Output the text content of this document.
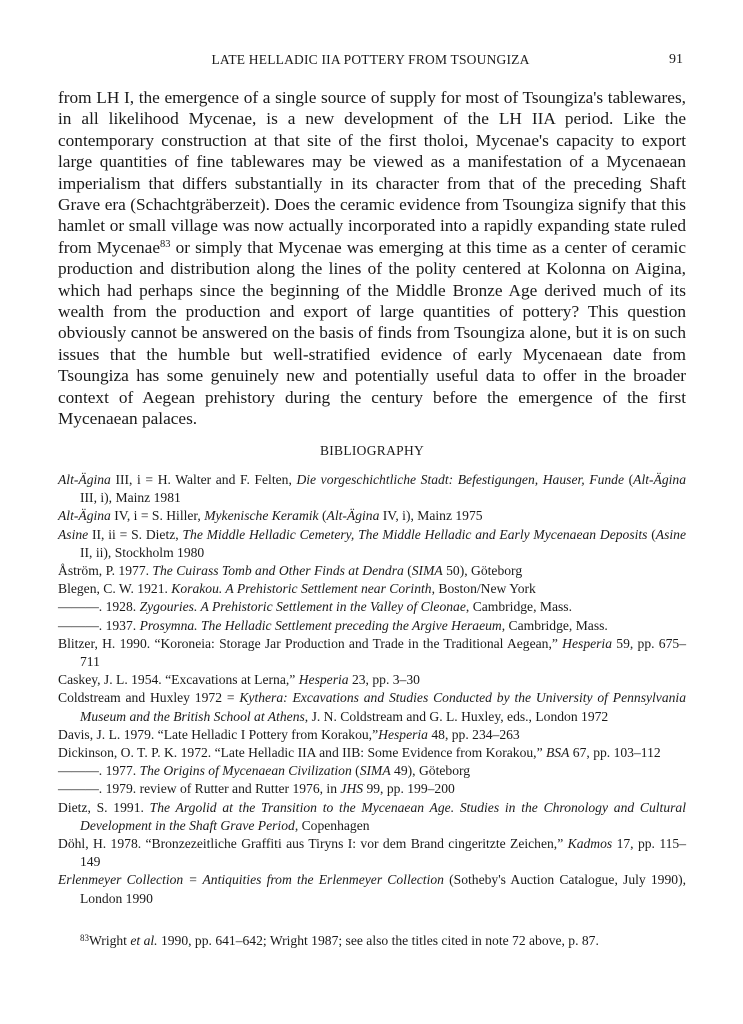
LATE HELLADIC IIA POTTERY FROM TSOUNGIZA	91
from LH I, the emergence of a single source of supply for most of Tsoungiza's tablewares, in all likelihood Mycenae, is a new development of the LH IIA period. Like the contemporary construction at that site of the first tholoi, Mycenae's capacity to export large quantities of fine tablewares may be viewed as a manifestation of a Mycenaean imperialism that differs substantially in its character from that of the preceding Shaft Grave era (Schachtgräberzeit). Does the ceramic evidence from Tsoungiza signify that this hamlet or small village was now actually incorporated into a rapidly expanding state ruled from Mycenae$^{83}$ or simply that Mycenae was emerging at this time as a center of ceramic production and distribution along the lines of the polity centered at Kolonna on Aigina, which had perhaps since the beginning of the Middle Bronze Age derived much of its wealth from the production and export of large quantities of pottery? This question obviously cannot be answered on the basis of finds from Tsoungiza alone, but it is on such issues that the humble but well-stratified evidence of early Mycenaean date from Tsoungiza has some genuinely new and potentially useful data to offer in the broader context of Aegean prehistory during the century before the emergence of the first Mycenaean palaces.
BIBLIOGRAPHY
Alt-Ägina III, i = H. Walter and F. Felten, Die vorgeschichtliche Stadt: Befestigungen, Hauser, Funde (Alt-Ägina III, i), Mainz 1981
Alt-Ägina IV, i = S. Hiller, Mykenische Keramik (Alt-Ägina IV, i), Mainz 1975
Asine II, ii = S. Dietz, The Middle Helladic Cemetery, The Middle Helladic and Early Mycenaean Deposits (Asine II, ii), Stockholm 1980
Åström, P. 1977. The Cuirass Tomb and Other Finds at Dendra (SIMA 50), Göteborg
Blegen, C. W. 1921. Korakou. A Prehistoric Settlement near Corinth, Boston/New York
———. 1928. Zygouries. A Prehistoric Settlement in the Valley of Cleonae, Cambridge, Mass.
———. 1937. Prosymna. The Helladic Settlement preceding the Argive Heraeum, Cambridge, Mass.
Blitzer, H. 1990. “Koroneia: Storage Jar Production and Trade in the Traditional Aegean,” Hesperia 59, pp. 675–711
Caskey, J. L. 1954. “Excavations at Lerna,” Hesperia 23, pp. 3–30
Coldstream and Huxley 1972 = Kythera: Excavations and Studies Conducted by the University of Pennsylvania Museum and the British School at Athens, J. N. Coldstream and G. L. Huxley, eds., London 1972
Davis, J. L. 1979. “Late Helladic I Pottery from Korakou,”Hesperia 48, pp. 234–263
Dickinson, O. T. P. K. 1972. “Late Helladic IIA and IIB: Some Evidence from Korakou,” BSA 67, pp. 103–112
———. 1977. The Origins of Mycenaean Civilization (SIMA 49), Göteborg
———. 1979. review of Rutter and Rutter 1976, in JHS 99, pp. 199–200
Dietz, S. 1991. The Argolid at the Transition to the Mycenaean Age. Studies in the Chronology and Cultural Development in the Shaft Grave Period, Copenhagen
Döhl, H. 1978. “Bronzezeitliche Graffiti aus Tiryns I: vor dem Brand cingeritzte Zeichen,” Kadmos 17, pp. 115–149
Erlenmeyer Collection = Antiquities from the Erlenmeyer Collection (Sotheby's Auction Catalogue, July 1990), London 1990
$^{83}$Wright et al. 1990, pp. 641–642; Wright 1987; see also the titles cited in note 72 above, p. 87.
